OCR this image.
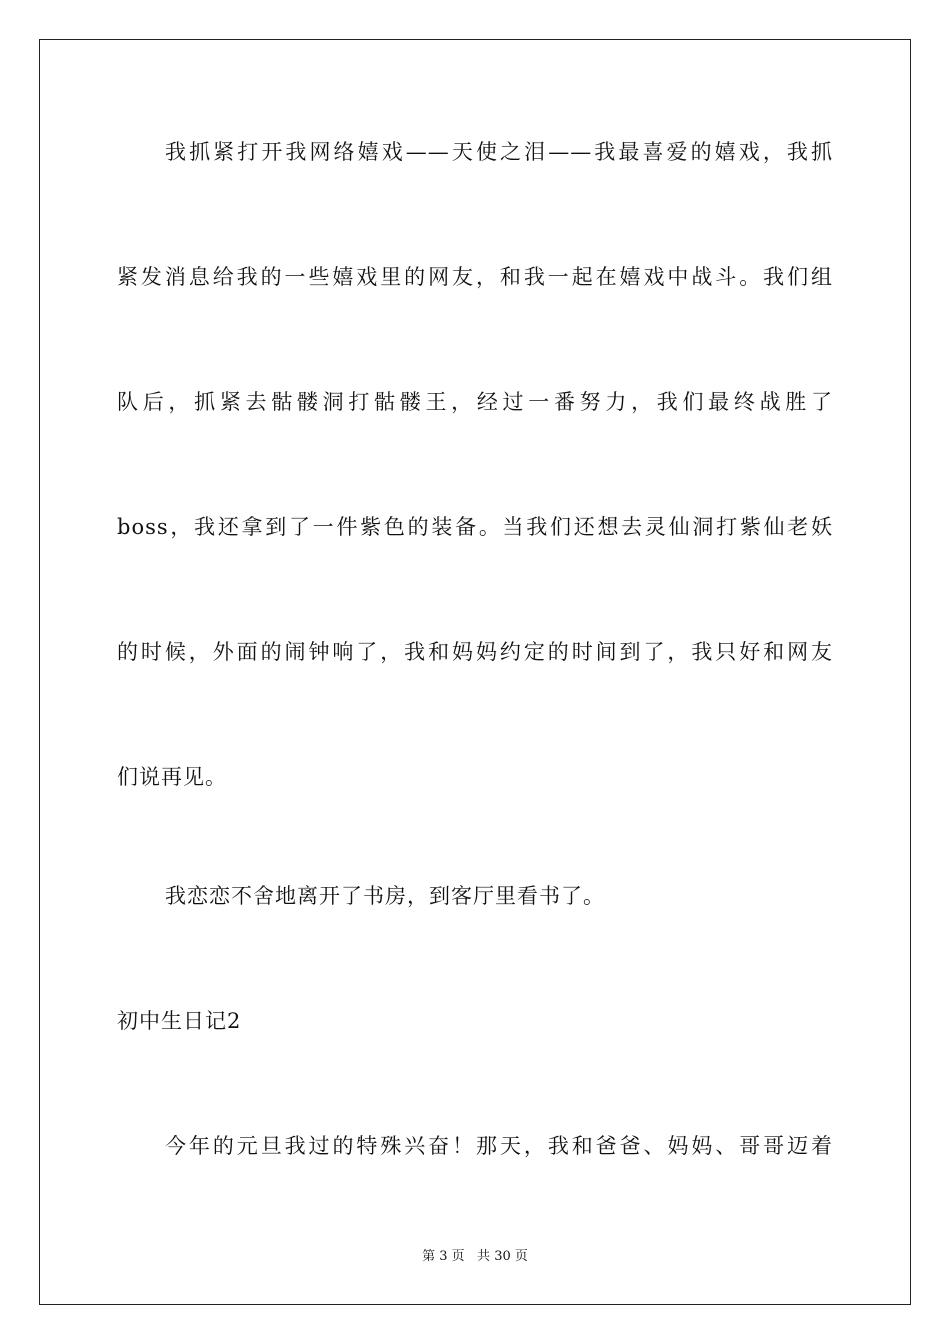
我抓紧打开我网络嬉戏——天使之泪——我最喜爱的嬉戏，我抓
紧发消息给我的一些嬉戏里的网友，和我一起在嬉戏中战斗。我们组
队后，抓紧去骷髅洞打骷髅王，经过一番努力，我们最终战胜了
boss，我还拿到了一件紫色的装备。当我们还想去灵仙洞打紫仙老妖
的时候，外面的闹钟响了，我和妈妈约定的时间到了，我只好和网友
们说再见。
我恋恋不舍地离开了书房，到客厅里看书了。
初中生日记2
今年的元旦我过的特殊兴奋！那天，我和爸爸、妈妈、哥哥迈着
第 3 页   共 30 页
